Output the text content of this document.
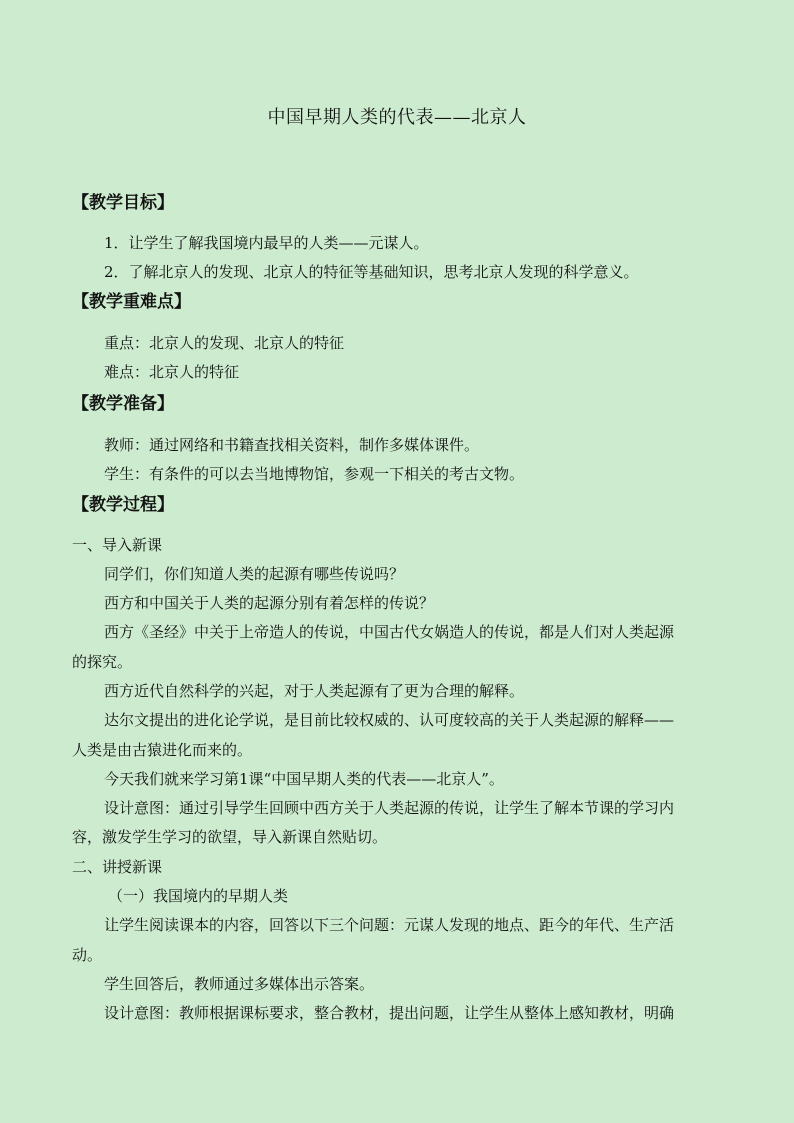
中国早期人类的代表——北京人
【教学目标】
1．让学生了解我国境内最早的人类——元谋人。
2．了解北京人的发现、北京人的特征等基础知识，思考北京人发现的科学意义。
【教学重难点】
重点：北京人的发现、北京人的特征
难点：北京人的特征
【教学准备】
教师：通过网络和书籍查找相关资料，制作多媒体课件。
学生：有条件的可以去当地博物馆，参观一下相关的考古文物。
【教学过程】
一、导入新课
同学们，你们知道人类的起源有哪些传说吗？
西方和中国关于人类的起源分别有着怎样的传说？
西方《圣经》中关于上帝造人的传说，中国古代女娲造人的传说，都是人们对人类起源
的探究。
西方近代自然科学的兴起，对于人类起源有了更为合理的解释。
达尔文提出的进化论学说，是目前比较权威的、认可度较高的关于人类起源的解释——
人类是由古猿进化而来的。
今天我们就来学习第1课“中国早期人类的代表——北京人”。
设计意图：通过引导学生回顾中西方关于人类起源的传说，让学生了解本节课的学习内
容，激发学生学习的欲望，导入新课自然贴切。
二、讲授新课
（一）我国境内的早期人类
让学生阅读课本的内容，回答以下三个问题：元谋人发现的地点、距今的年代、生产活
动。
学生回答后，教师通过多媒体出示答案。
设计意图：教师根据课标要求，整合教材，提出问题，让学生从整体上感知教材，明确
